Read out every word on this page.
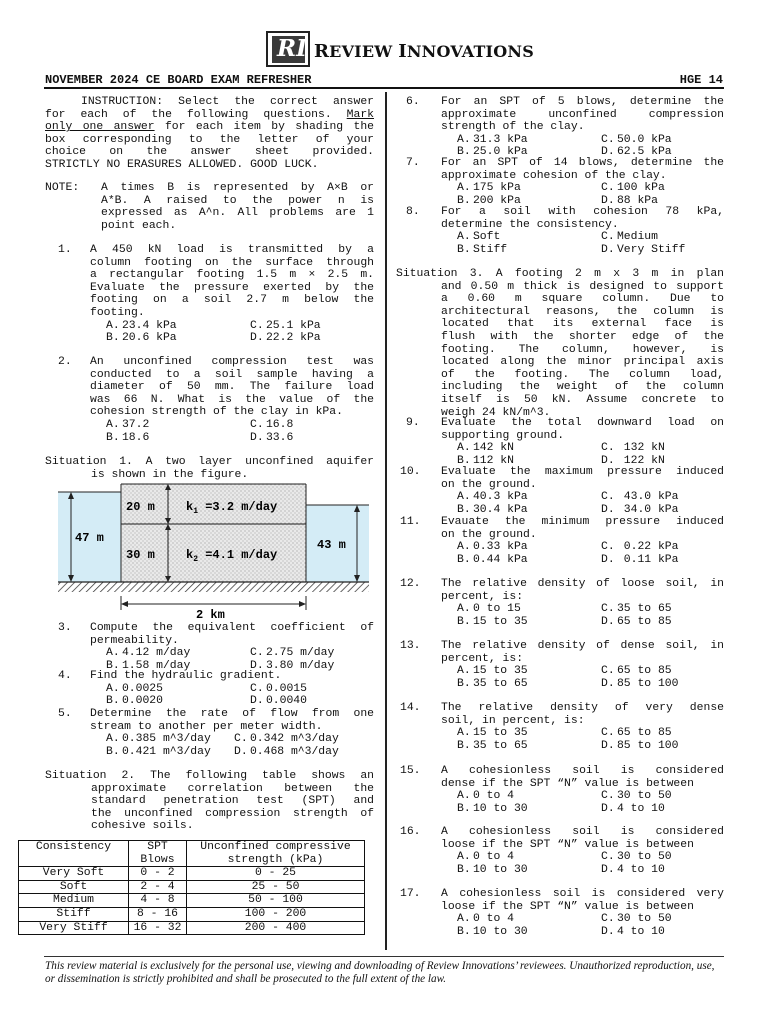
RI REVIEW INNOVATIONS
NOVEMBER 2024 CE BOARD EXAM REFRESHER	HGE 14
INSTRUCTION: Select the correct answer
for each of the following questions. Mark
only one answer for each item by shading the
box corresponding to the letter of your
choice on the answer sheet provided.
STRICTLY NO ERASURES ALLOWED. GOOD LUCK.
NOTE: A times B is represented by A×B or
A*B. A raised to the power n is
expressed as A^n. All problems are 1
point each.
1. A 450 kN load is transmitted by a
column footing on the surface through
a rectangular footing 1.5 m × 2.5 m.
Evaluate the pressure exerted by the
footing on a soil 2.7 m below the
footing.
A. 23.4 kPa	C. 25.1 kPa
B. 20.6 kPa	D. 22.2 kPa
2. An unconfined compression test was
conducted to a soil sample having a
diameter of 50 mm. The failure load
was 66 N. What is the value of the
cohesion strength of the clay in kPa.
A. 37.2	C. 16.8
B. 18.6	D. 33.6
Situation 1. A two layer unconfined aquifer
is shown in the figure.
47 m	43 m
20 m
30 m
$k_1 =3.2$ m/day
$k_2 =4.1$ m/day
2 km
3. Compute the equivalent coefficient of
permeability.
A. 4.12 m/day	C. 2.75 m/day
B. 1.58 m/day	D. 3.80 m/day
4. Find the hydraulic gradient.
A. 0.0025	C. 0.0015
B. 0.0020	D. 0.0040
5. Determine the rate of flow from one
stream to another per meter width.
A. 0.385 m^3/day C. 0.342 m^3/day
B. 0.421 m^3/day D. 0.468 m^3/day
Situation 2. The following table shows an
approximate correlation between the
standard penetration test (SPT) and
the unconfined compression strength of
cohesive soils.
Consistency	SPT Blows	Unconfined compressive strength (kPa)
Very Soft	0 - 2	0 - 25
Soft	2 - 4	25 - 50
Medium	4 - 8	50 - 100
Stiff	8 - 16	100 - 200
Very Stiff	16 - 32	200 - 400
6. For an SPT of 5 blows, determine the
approximate unconfined compression
strength of the clay.
A. 31.3 kPa	C. 50.0 kPa
B. 25.0 kPa	D. 62.5 kPa
7. For an SPT of 14 blows, determine the
approximate cohesion of the clay.
A. 175 kPa	C. 100 kPa
B. 200 kPa	D. 88 kPa
8. For a soil with cohesion 78 kPa,
determine the consistency.
A. Soft	C. Medium
B. Stiff	D. Very Stiff
Situation 3. A footing 2 m x 3 m in plan
and 0.50 m thick is designed to support
a 0.60 m square column. Due to
architectural reasons, the column is
located that its external face is
flush with the shorter edge of the
footing. The column, however, is
located along the minor principal axis
of the footing. The column load,
including the weight of the column
itself is 50 kN. Assume concrete to
weigh 24 kN/m^3.
9. Evaluate the total downward load on
supporting ground.
A. 142 kN	C.  132 kN
B. 112 kN	D.  122 kN
10. Evaluate the maximum pressure induced
on the ground.
A. 40.3 kPa	C.  43.0 kPa
B. 30.4 kPa	D.  34.0 kPa
11. Evauate the minimum pressure induced
on the ground.
A. 0.33 kPa	C.  0.22 kPa
B. 0.44 kPa	D.  0.11 kPa
12. The relative density of loose soil, in
percent, is:
A. 0 to 15	C. 35 to 65
B. 15 to 35	D. 65 to 85
13. The relative density of dense soil, in
percent, is:
A. 15 to 35	C. 65 to 85
B. 35 to 65	D. 85 to 100
14. The relative density of very dense
soil, in percent, is:
A. 15 to 35	C. 65 to 85
B. 35 to 65	D. 85 to 100
15. A cohesionless soil is considered
dense if the SPT “N” value is between
A. 0 to 4	C. 30 to 50
B. 10 to 30	D. 4 to 10
16. A cohesionless soil is considered
loose if the SPT “N” value is between
A. 0 to 4	C. 30 to 50
B. 10 to 30	D. 4 to 10
17. A cohesionless soil is considered very
loose if the SPT “N” value is between
A. 0 to 4	C. 30 to 50
B. 10 to 30	D. 4 to 10
This review material is exclusively for the personal use, viewing and downloading of Review Innovations’ reviewees. Unauthorized reproduction, use, or dissemination is strictly prohibited and shall be prosecuted to the full extent of the law.
